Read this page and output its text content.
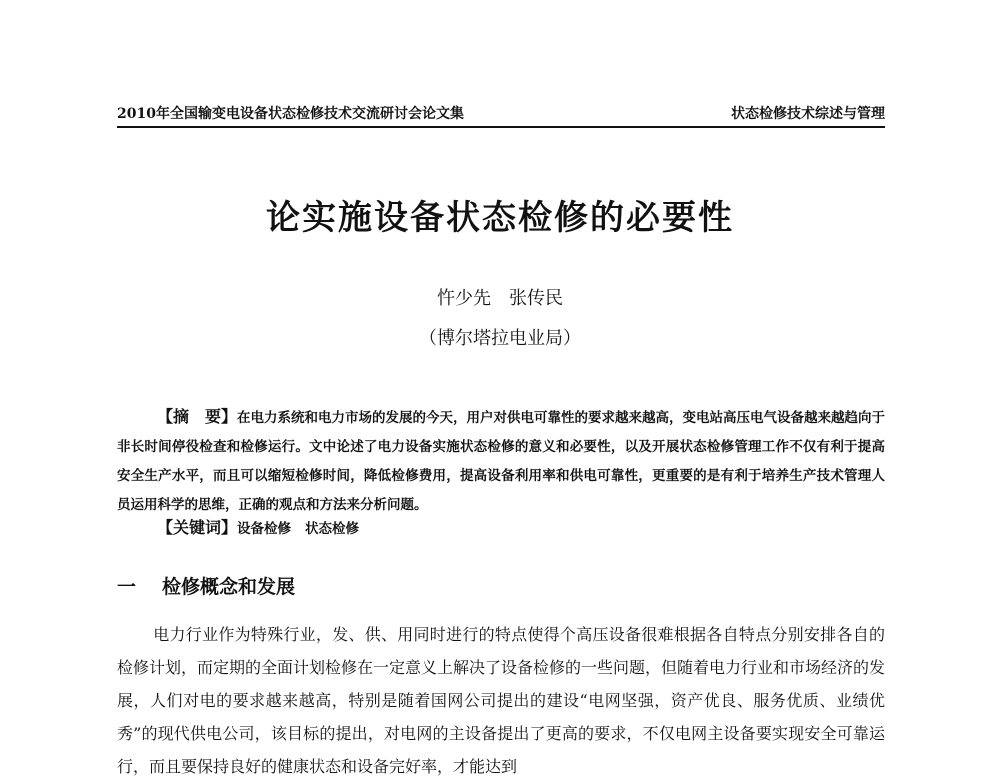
2010年全国输变电设备状态检修技术交流研讨会论文集	状态检修技术综述与管理
论实施设备状态检修的必要性
忤少先 张传民
（博尔塔拉电业局）
【摘　要】在电力系统和电力市场的发展的今天，用户对供电可靠性的要求越来越高，变电站高压电气设备越来越趋向于非长时间停役检查和检修运行。文中论述了电力设备实施状态检修的意义和必要性，以及开展状态检修管理工作不仅有利于提高安全生产水平，而且可以缩短检修时间，降低检修费用，提高设备利用率和供电可靠性，更重要的是有利于培养生产技术管理人员运用科学的思维，正确的观点和方法来分析问题。
【关键词】设备检修 状态检修
一 检修概念和发展
电力行业作为特殊行业，发、供、用同时进行的特点使得个高压设备很难根据各自特点分别安排各自的检修计划，而定期的全面计划检修在一定意义上解决了设备检修的一些问题，但随着电力行业和市场经济的发展，人们对电的要求越来越高，特别是随着国网公司提出的建设“电网坚强，资产优良、服务优质、业绩优秀”的现代供电公司，该目标的提出，对电网的主设备提出了更高的要求，不仅电网主设备要实现安全可靠运行，而且要保持良好的健康状态和设备完好率，才能达到
